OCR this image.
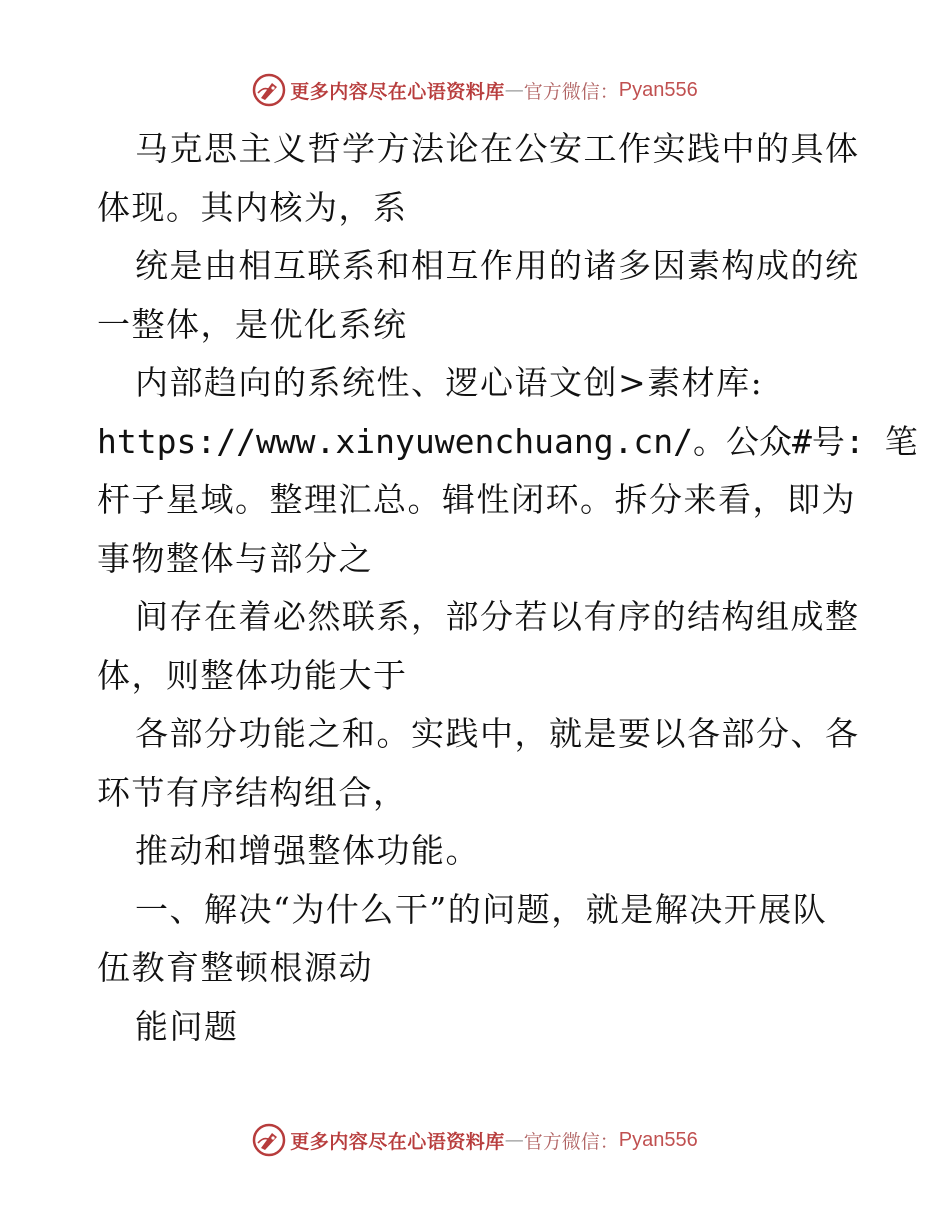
更多内容尽在心语资料库 — 官方微信： Pyan556
马克思主义哲学方法论在公安工作实践中的具体
体现。其内核为，系
统是由相互联系和相互作用的诸多因素构成的统
一整体，是优化系统
内部趋向的系统性、逻心语文创>素材库:
https://www.xinyuwenchuang.cn/。公众#号: 笔
杆子星域。整理汇总。辑性闭环。拆分来看，即为
事物整体与部分之
间存在着必然联系，部分若以有序的结构组成整
体，则整体功能大于
各部分功能之和。实践中，就是要以各部分、各
环节有序结构组合，
推动和增强整体功能。
一、解决“为什么干”的问题，就是解决开展队
伍教育整顿根源动
能问题
更多内容尽在心语资料库 — 官方微信： Pyan556
